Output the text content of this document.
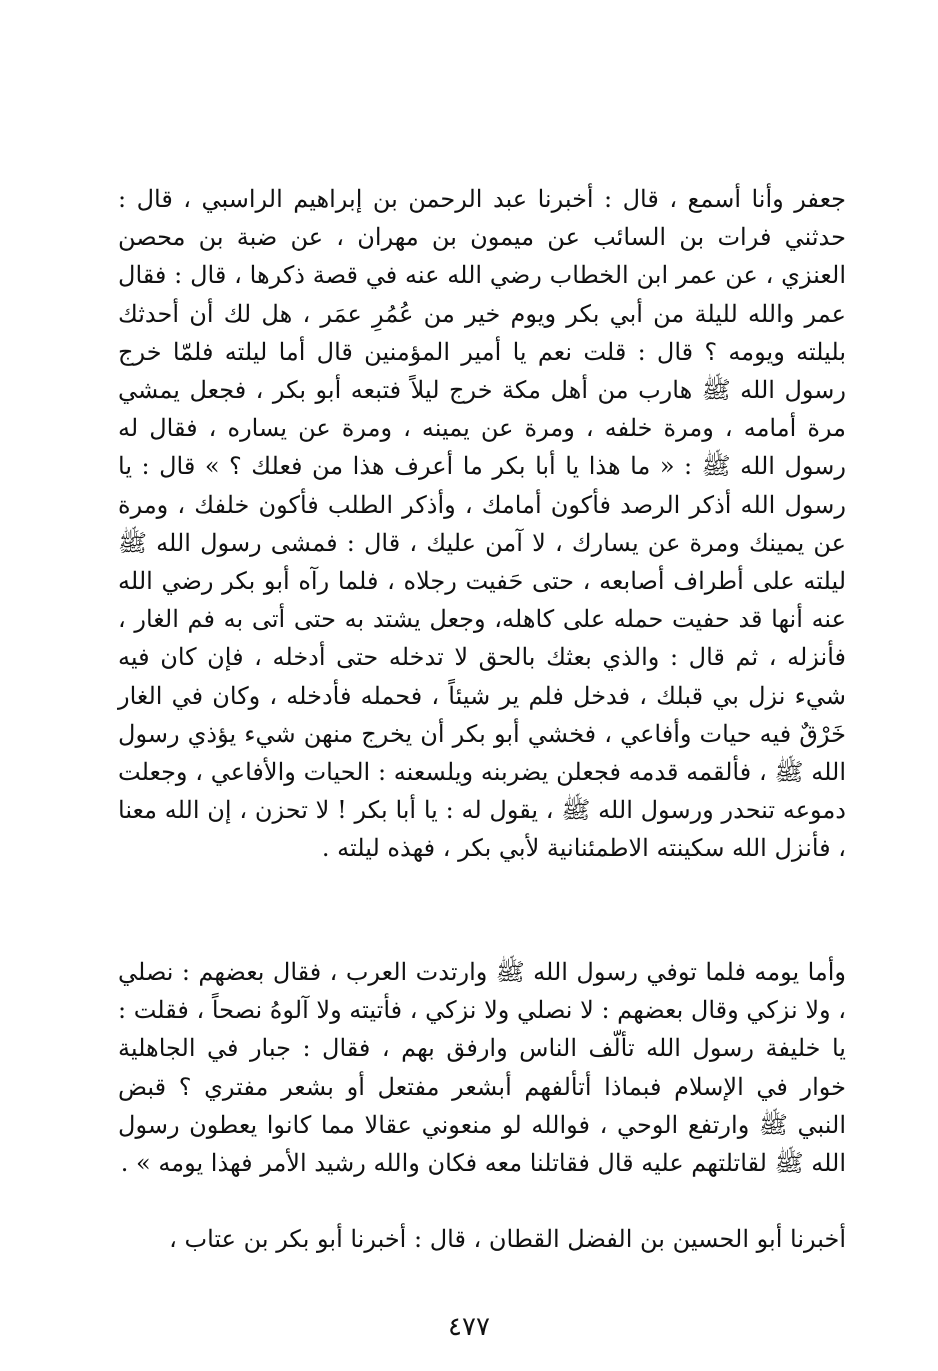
جعفر وأنا أسمع ، قال : أخبرنا عبد الرحمن بن إبراهيم الراسبي ، قال : حدثني فرات بن السائب عن ميمون بن مهران ، عن ضبة بن محصن العنزي ، عن عمر ابن الخطاب رضي الله عنه في قصة ذكرها ، قال : فقال عمر والله لليلة من أبي بكر ويوم خير من عُمُرِ عمَر ، هل لك أن أحدثك بليلته ويومه ؟ قال : قلت نعم يا أمير المؤمنين قال أما ليلته فلمّا خرج رسول الله ﷺ هارب من أهل مكة خرج ليلاً فتبعه أبو بكر ، فجعل يمشي مرة أمامه ، ومرة خلفه ، ومرة عن يمينه ، ومرة عن يساره ، فقال له رسول الله ﷺ : « ما هذا يا أبا بكر ما أعرف هذا من فعلك ؟ » قال : يا رسول الله أذكر الرصد فأكون أمامك ، وأذكر الطلب فأكون خلفك ، ومرة عن يمينك ومرة عن يسارك ، لا آمن عليك ، قال : فمشى رسول الله ﷺ ليلته على أطراف أصابعه ، حتى حَفيت رجلاه ، فلما رآه أبو بكر رضي الله عنه أنها قد حفيت حمله على كاهله، وجعل يشتد به حتى أتى به فم الغار ، فأنزله ، ثم قال : والذي بعثك بالحق لا تدخله حتى أدخله ، فإن كان فيه شيء نزل بي قبلك ، فدخل فلم ير شيئاً ، فحمله فأدخله ، وكان في الغار خَرْقٌ فيه حيات وأفاعي ، فخشي أبو بكر أن يخرج منهن شيء يؤذي رسول الله ﷺ ، فألقمه قدمه فجعلن يضربنه ويلسعنه : الحيات والأفاعي ، وجعلت دموعه تنحدر ورسول الله ﷺ ، يقول له : يا أبا بكر ! لا تحزن ، إن الله معنا ، فأنزل الله سكينته الاطمئنانية لأبي بكر ، فهذه ليلته .

وأما يومه فلما توفي رسول الله ﷺ وارتدت العرب ، فقال بعضهم : نصلي ، ولا نزكي وقال بعضهم : لا نصلي ولا نزكي ، فأتيته ولا آلوهُ نصحاً ، فقلت : يا خليفة رسول الله تألّف الناس وارفق بهم ، فقال : جبار في الجاهلية خوار في الإسلام فبماذا أتألفهم أبشعر مفتعل أو بشعر مفتري ؟ قبض النبي ﷺ وارتفع الوحي ، فوالله لو منعوني عقالا مما كانوا يعطون رسول الله ﷺ لقاتلتهم عليه قال فقاتلنا معه فكان والله رشيد الأمر فهذا يومه » .

أخبرنا أبو الحسين بن الفضل القطان ، قال : أخبرنا أبو بكر بن عتاب ،

٤٧٧
